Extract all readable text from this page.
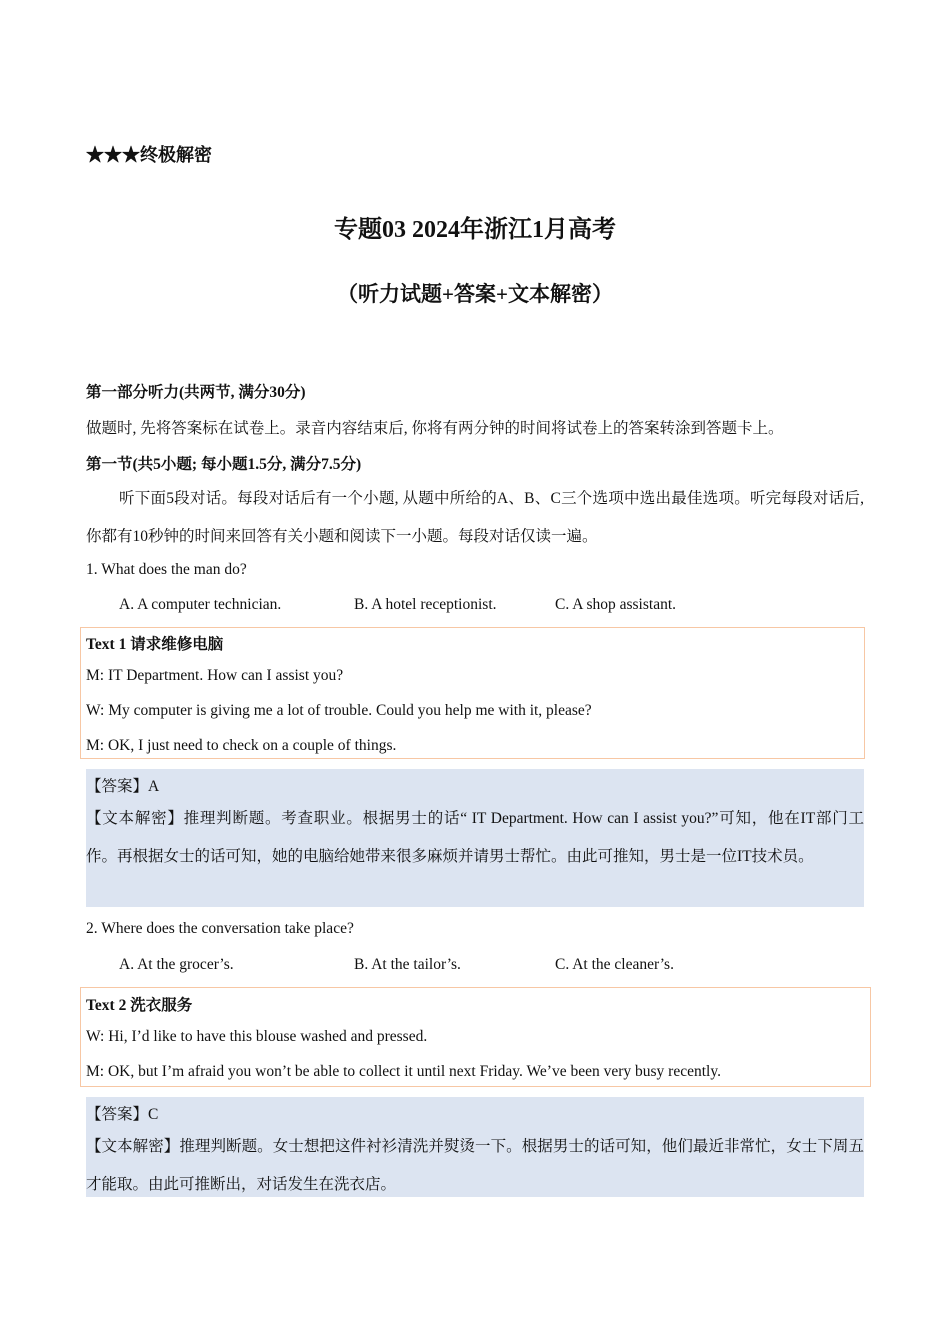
★★★终极解密
专题03 2024年浙江1月高考
（听力试题+答案+文本解密）
第一部分听力(共两节, 满分30分)
做题时, 先将答案标在试卷上。录音内容结束后, 你将有两分钟的时间将试卷上的答案转涂到答题卡上。
第一节(共5小题; 每小题1.5分, 满分7.5分)
听下面5段对话。每段对话后有一个小题, 从题中所给的A、B、C三个选项中选出最佳选项。听完每段对话后, 你都有10秒钟的时间来回答有关小题和阅读下一小题。每段对话仅读一遍。
1. What does the man do?
A. A computer technician.	B. A hotel receptionist.	C. A shop assistant.
Text 1 请求维修电脑
M: IT Department. How can I assist you?
W: My computer is giving me a lot of trouble. Could you help me with it, please?
M: OK, I just need to check on a couple of things.
【答案】A
【文本解密】推理判断题。考查职业。根据男士的话“ IT Department. How can I assist you?”可知，他在IT部门工作。再根据女士的话可知，她的电脑给她带来很多麻烦并请男士帮忙。由此可推知，男士是一位IT技术员。
2. Where does the conversation take place?
A. At the grocer’s.	B. At the tailor’s.	C. At the cleaner’s.
Text 2 洗衣服务
W: Hi, I’d like to have this blouse washed and pressed.
M: OK, but I’m afraid you won’t be able to collect it until next Friday. We’ve been very busy recently.
【答案】C
【文本解密】推理判断题。女士想把这件衬衫清洗并熨烫一下。根据男士的话可知，他们最近非常忙，女士下周五才能取。由此可推断出，对话发生在洗衣店。
